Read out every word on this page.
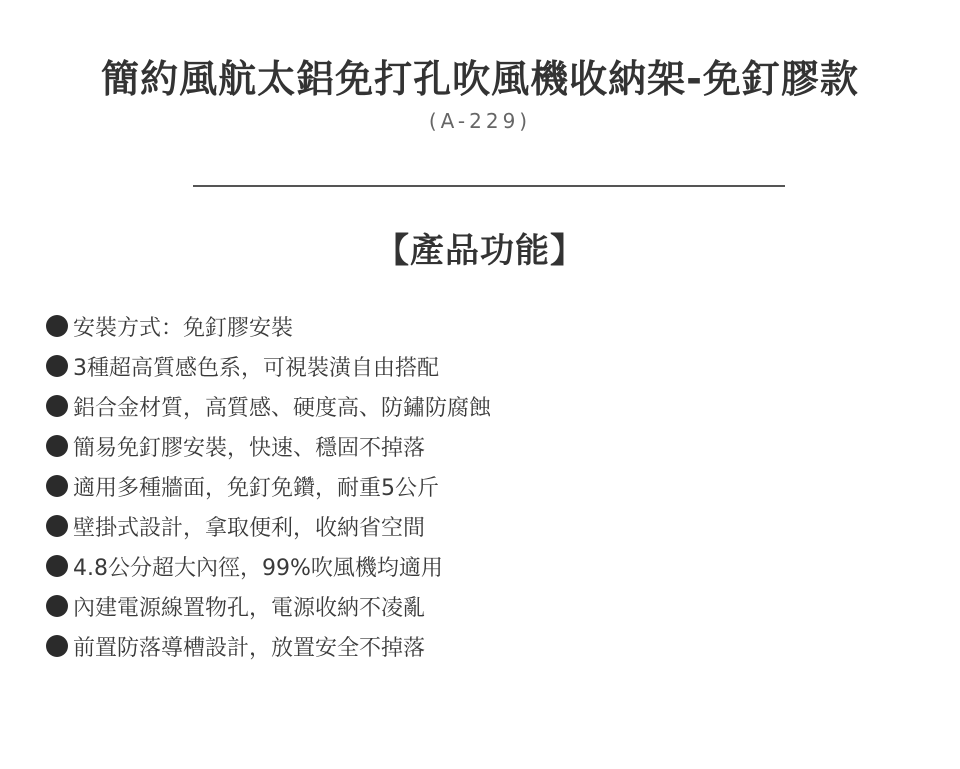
簡約風航太鋁免打孔吹風機收納架-免釘膠款
(A-229)
【產品功能】
安裝方式：免釘膠安裝
3種超高質感色系，可視裝潢自由搭配
鋁合金材質，高質感、硬度高、防鏽防腐蝕
簡易免釘膠安裝，快速、穩固不掉落
適用多種牆面，免釘免鑽，耐重5公斤
壁掛式設計，拿取便利，收納省空間
4.8公分超大內徑，99%吹風機均適用
內建電源線置物孔，電源收納不凌亂
前置防落導槽設計，放置安全不掉落
